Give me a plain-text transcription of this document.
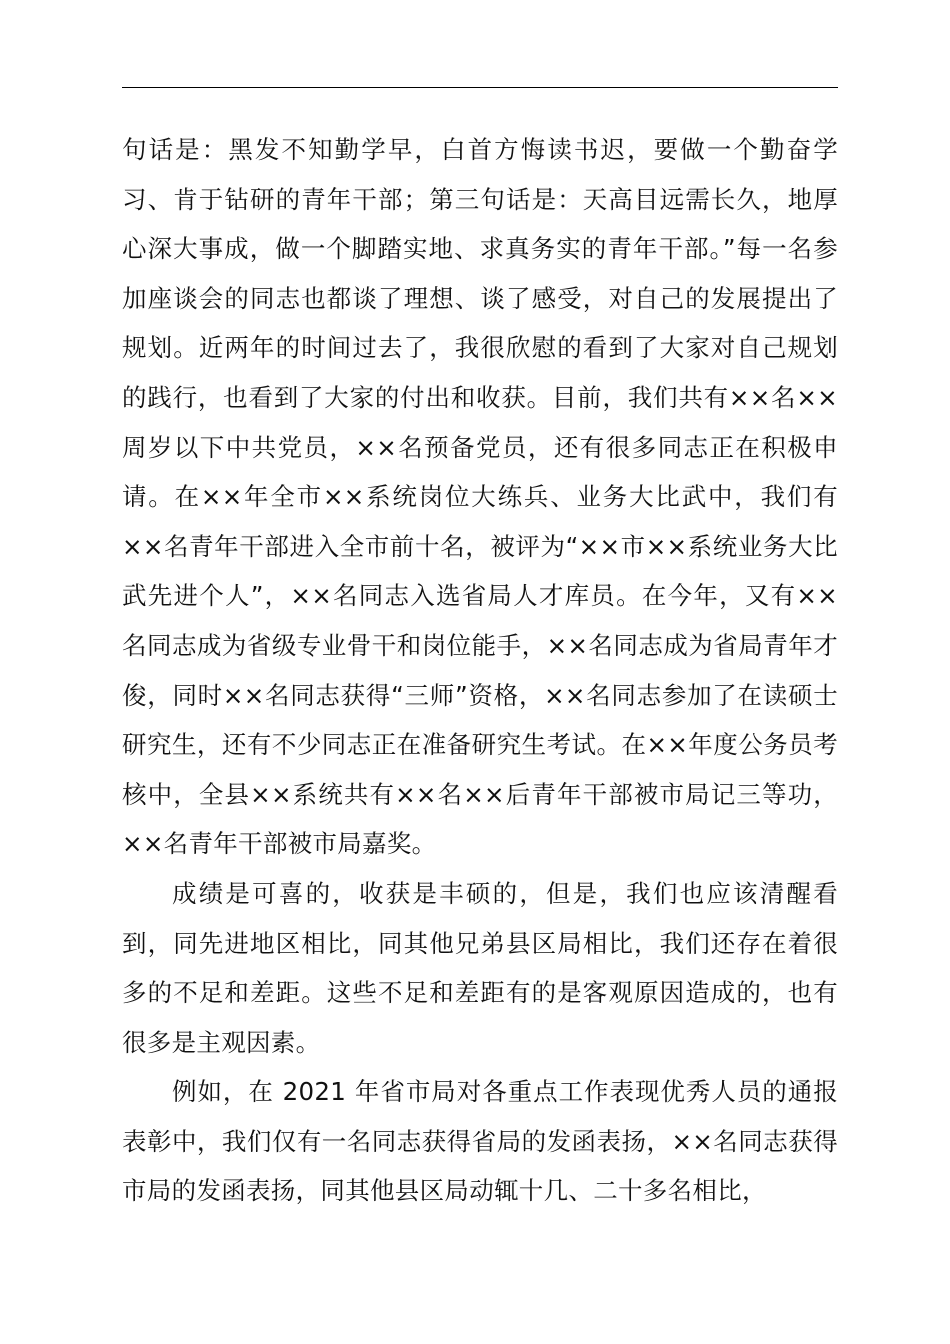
句话是：黑发不知勤学早，白首方悔读书迟，要做一个勤奋学习、肯于钻研的青年干部；第三句话是：天高目远需长久，地厚心深大事成，做一个脚踏实地、求真务实的青年干部。”每一名参加座谈会的同志也都谈了理想、谈了感受，对自己的发展提出了规划。近两年的时间过去了，我很欣慰的看到了大家对自己规划的践行，也看到了大家的付出和收获。目前，我们共有××名××周岁以下中共党员，××名预备党员，还有很多同志正在积极申请。在××年全市××系统岗位大练兵、业务大比武中，我们有××名青年干部进入全市前十名，被评为“××市××系统业务大比武先进个人”，××名同志入选省局人才库员。在今年，又有××名同志成为省级专业骨干和岗位能手，××名同志成为省局青年才俊，同时××名同志获得“三师”资格，××名同志参加了在读硕士研究生，还有不少同志正在准备研究生考试。在××年度公务员考核中，全县××系统共有××名××后青年干部被市局记三等功，××名青年干部被市局嘉奖。

成绩是可喜的，收获是丰硕的，但是，我们也应该清醒看到，同先进地区相比，同其他兄弟县区局相比，我们还存在着很多的不足和差距。这些不足和差距有的是客观原因造成的，也有很多是主观因素。

例如，在 2021 年省市局对各重点工作表现优秀人员的通报表彰中，我们仅有一名同志获得省局的发函表扬，××名同志获得市局的发函表扬，同其他县区局动辄十几、二十多名相比，
